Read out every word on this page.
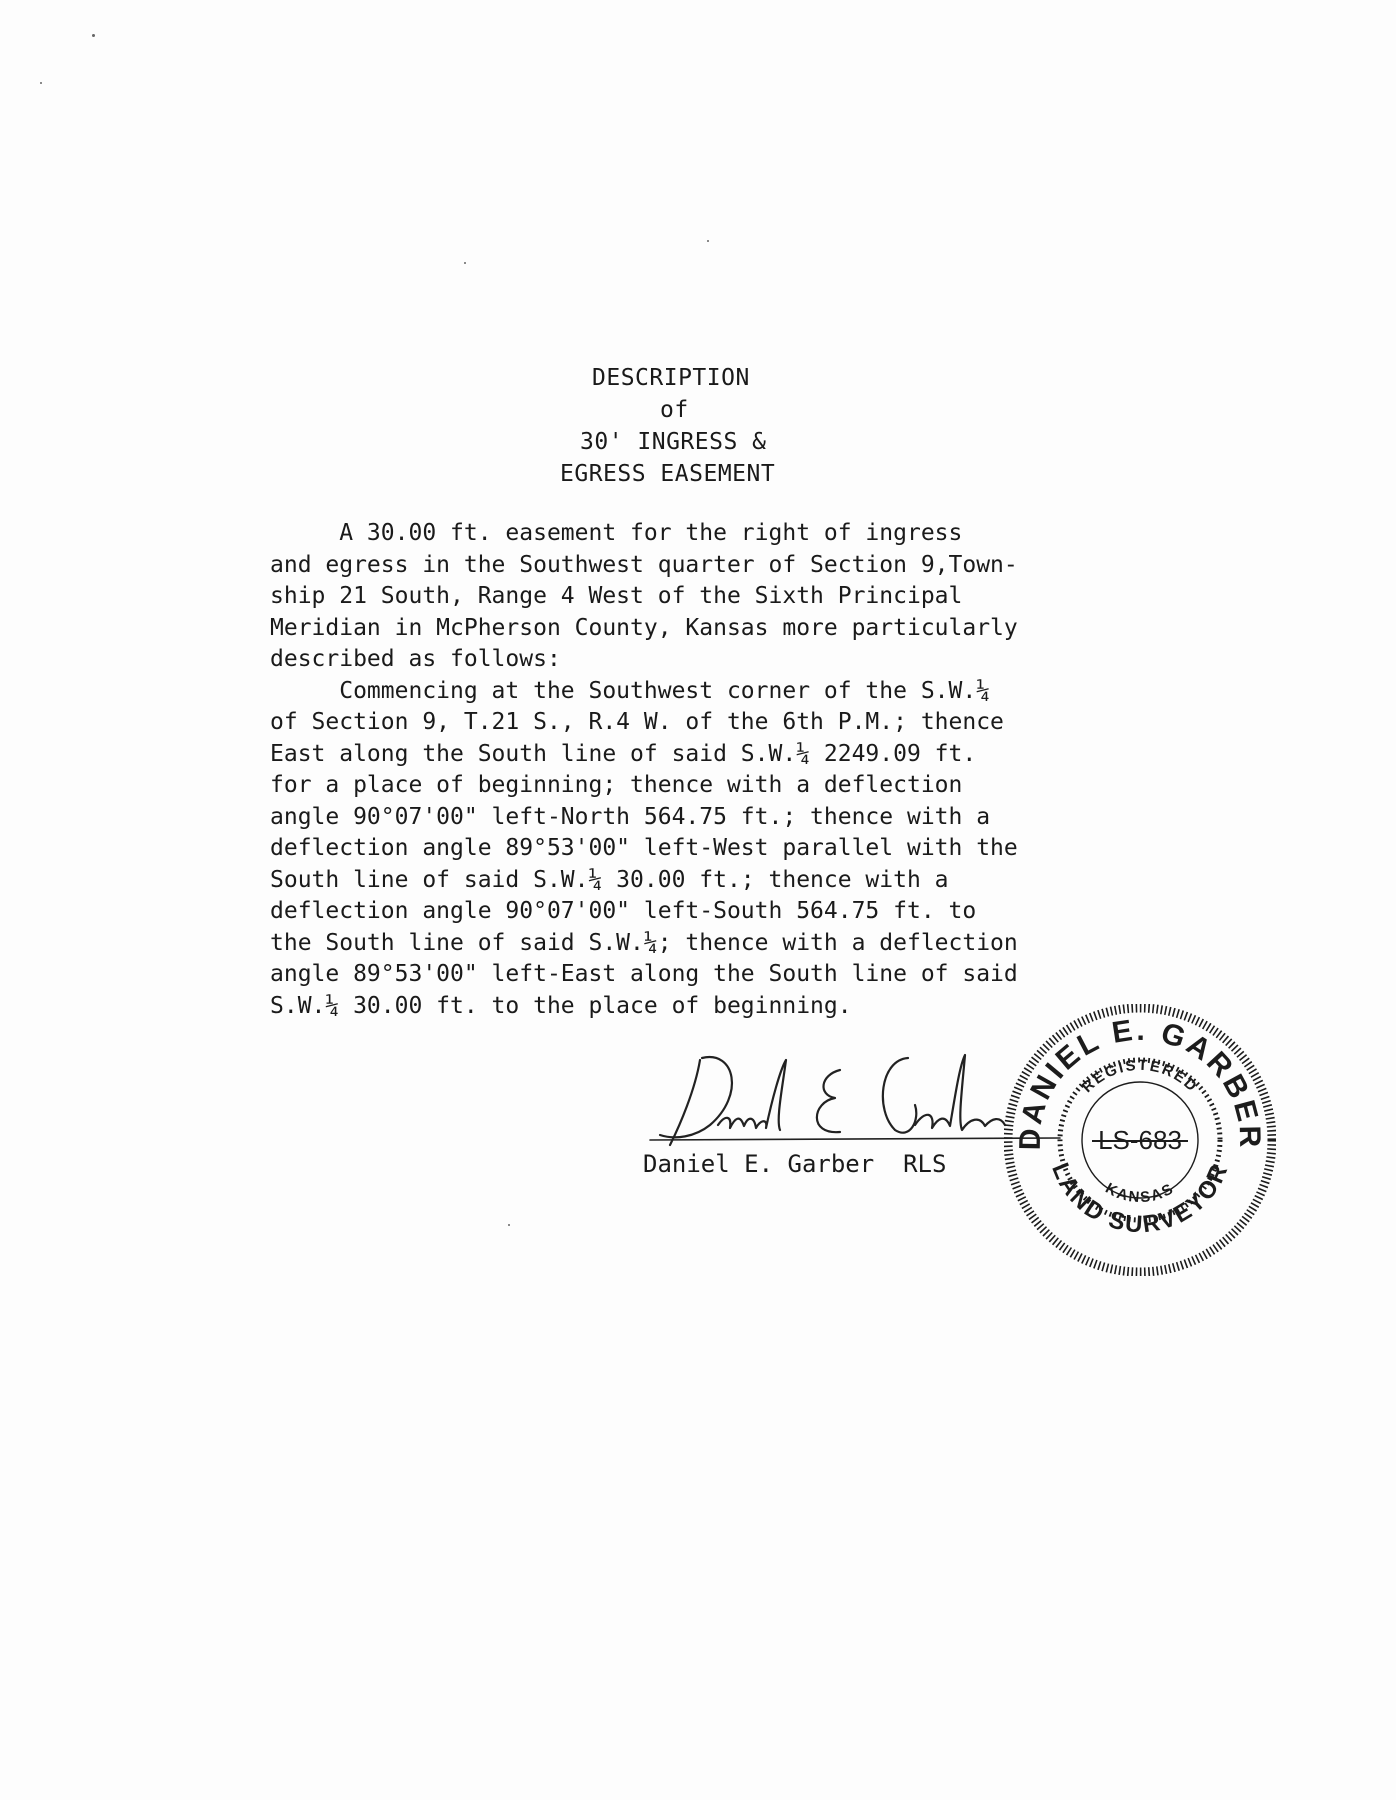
DESCRIPTION
of
30' INGRESS &
EGRESS EASEMENT
A 30.00 ft. easement for the right of ingress
and egress in the Southwest quarter of Section 9,Town-
ship 21 South, Range 4 West of the Sixth Principal
Meridian in McPherson County, Kansas more particularly
described as follows:
Commencing at the Southwest corner of the S.W.¼
of Section 9, T.21 S., R.4 W. of the 6th P.M.; thence
East along the South line of said S.W.¼ 2249.09 ft.
for a place of beginning; thence with a deflection
angle 90°07'00" left-North 564.75 ft.; thence with a
deflection angle 89°53'00" left-West parallel with the
South line of said S.W.¼ 30.00 ft.; thence with a
deflection angle 90°07'00" left-South 564.75 ft. to
the South line of said S.W.¼; thence with a deflection
angle 89°53'00" left-East along the South line of said
S.W.¼ 30.00 ft. to the place of beginning.
Daniel E. Garber  RLS
DANIEL E. GARBER
REGISTERED
LAND SURVEYOR
KANSAS
LS-683
